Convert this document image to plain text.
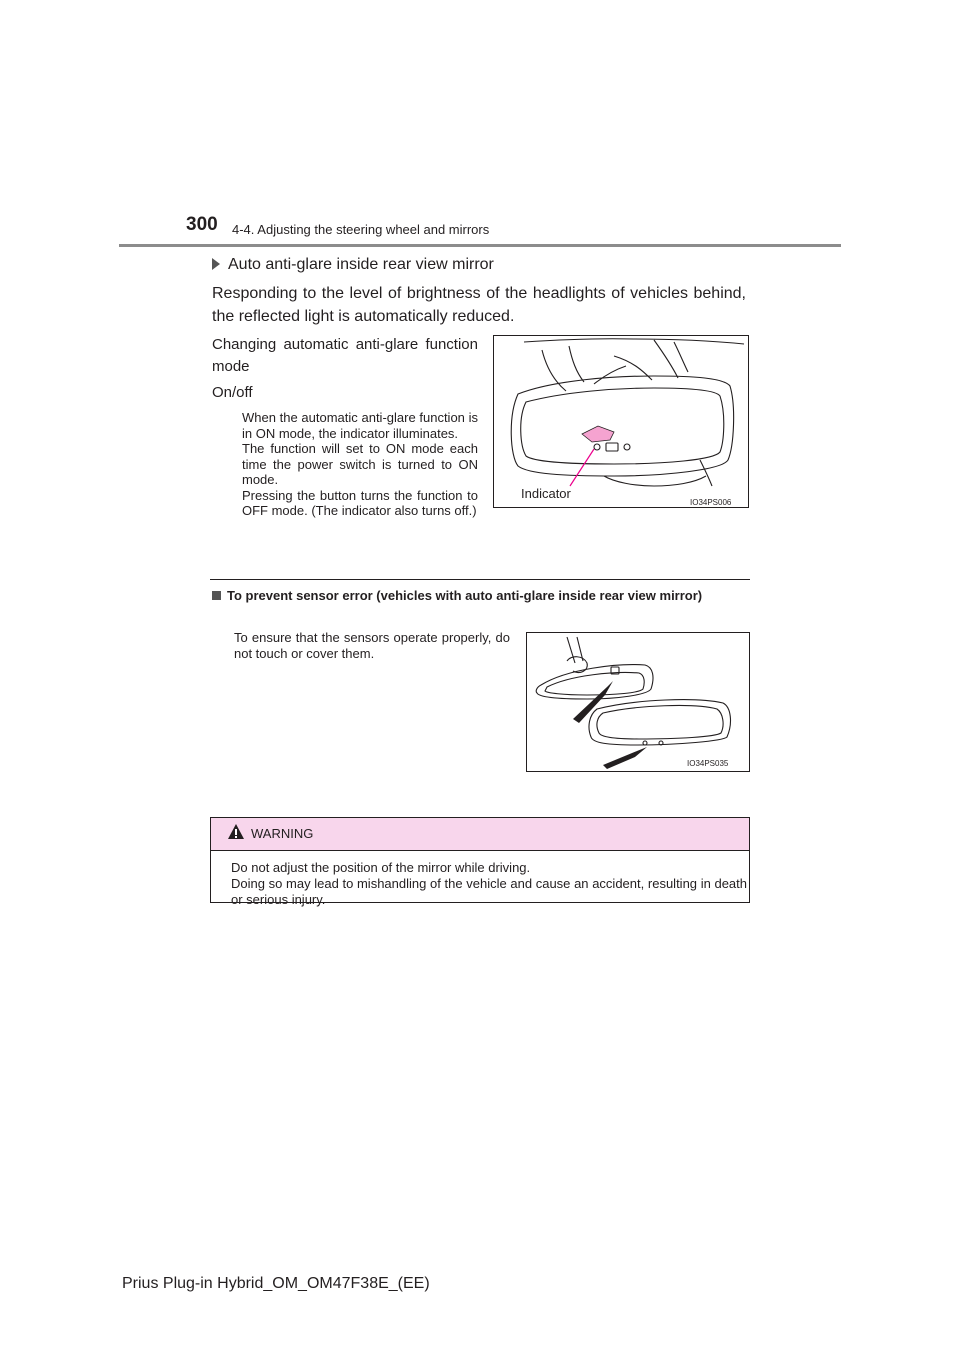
300 4-4. Adjusting the steering wheel and mirrors
Auto anti-glare inside rear view mirror
Responding to the level of brightness of the headlights of vehicles behind, the reflected light is automatically reduced.
Changing automatic anti-glare function mode
On/off

When the automatic anti-glare function is in ON mode, the indicator illuminates.

The function will set to ON mode each time the power switch is turned to ON mode.

Pressing the button turns the function to OFF mode. (The indicator also turns off.)

Indicator
IO34PS006
To prevent sensor error (vehicles with auto anti-glare inside rear view mirror)
To ensure that the sensors operate properly, do not touch or cover them.
IO34PS035
WARNING

Do not adjust the position of the mirror while driving.

Doing so may lead to mishandling of the vehicle and cause an accident, resulting in death or serious injury.

Prius Plug-in Hybrid_OM_OM47F38E_(EE)
